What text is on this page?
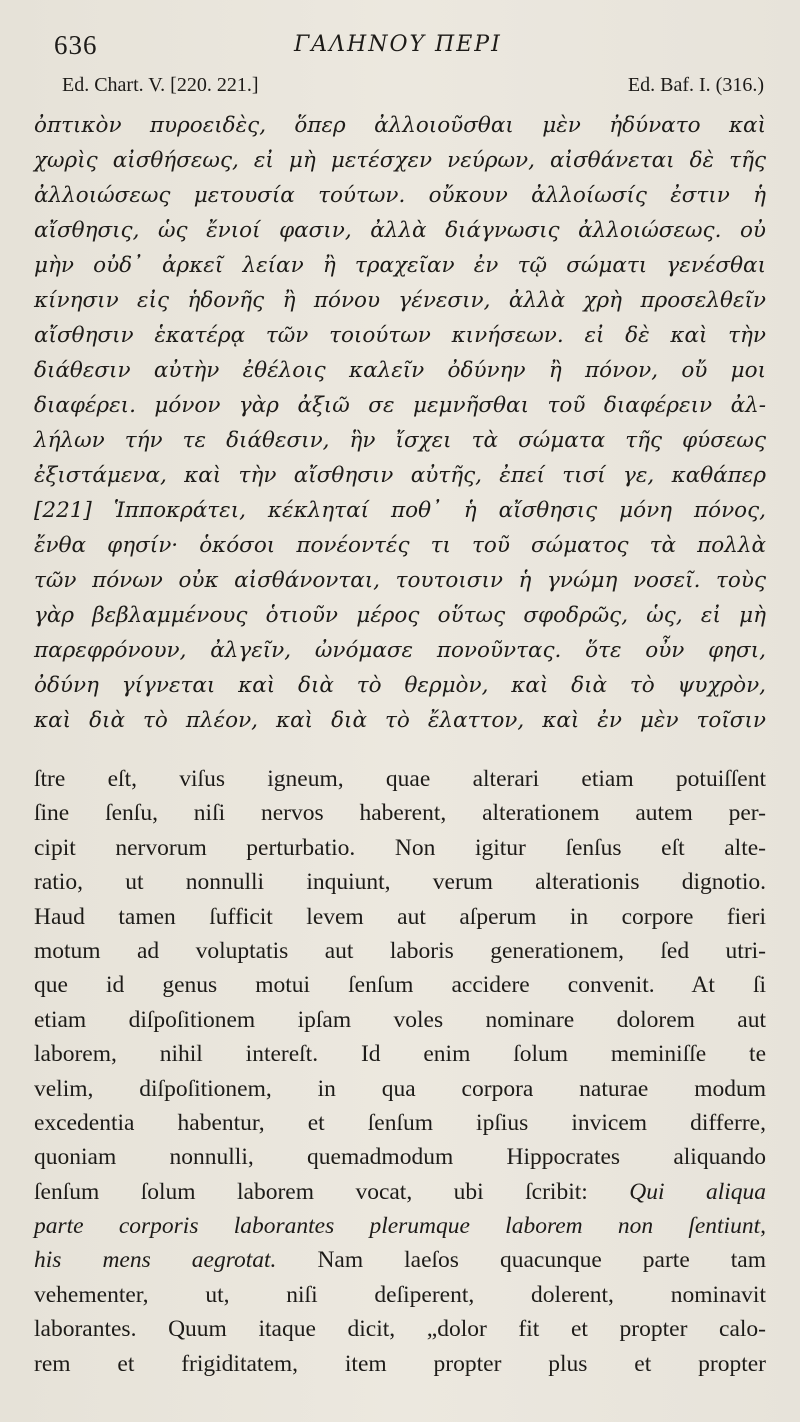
636	ΓΑΛΗΝΟΥ ΠΕΡΙ
Ed. Chart. V. [220. 221.]	Ed. Baf. I. (316.)
ὀπτικὸν πυροειδὲς, ὅπερ ἀλλοιοῦσθαι μὲν ἠδύνατο καὶ
χωρὶς αἰσθήσεως, εἰ μὴ μετέσχεν νεύρων, αἰσθάνεται δὲ τῆς
ἀλλοιώσεως μετουσία τούτων. οὔκουν ἀλλοίωσίς ἐστιν ἡ
αἴσθησις, ὡς ἔνιοί φασιν, ἀλλὰ διάγνωσις ἀλλοιώσεως. οὐ
μὴν οὐδ᾽ ἀρκεῖ λείαν ἢ τραχεῖαν ἐν τῷ σώματι γενέσθαι
κίνησιν εἰς ἡδονῆς ἢ πόνου γένεσιν, ἀλλὰ χρὴ προσελθεῖν
αἴσθησιν ἑκατέρᾳ τῶν τοιούτων κινήσεων. εἰ δὲ καὶ τὴν
διάθεσιν αὐτὴν ἐθέλοις καλεῖν ὀδύνην ἢ πόνον, οὔ μοι
διαφέρει. μόνον γὰρ ἀξιῶ σε μεμνῆσθαι τοῦ διαφέρειν ἀλ-
λήλων τήν τε διάθεσιν, ἣν ἴσχει τὰ σώματα τῆς φύσεως
ἐξιστάμενα, καὶ τὴν αἴσθησιν αὐτῆς, ἐπεί τισί γε, καθάπερ
[221] Ἱπποκράτει, κέκληταί ποθ᾽ ἡ αἴσθησις μόνη πόνος,
ἔνθα φησίν· ὁκόσοι πονέοντές τι τοῦ σώματος τὰ πολλὰ
τῶν πόνων οὐκ αἰσθάνονται, τουτοισιν ἡ γνώμη νοσεῖ. τοὺς
γὰρ βεβλαμμένους ὁτιοῦν μέρος οὕτως σφοδρῶς, ὡς, εἰ μὴ
παρεφρόνουν, ἀλγεῖν, ὠνόμασε πονοῦντας. ὅτε οὖν φησι,
ὀδύνη γίγνεται καὶ διὰ τὸ θερμὸν, καὶ διὰ τὸ ψυχρὸν,
καὶ διὰ τὸ πλέον, καὶ διὰ τὸ ἔλαττον, καὶ ἐν μὲν τοῖσιν
ſtre eſt, viſus igneum, quae alterari etiam potuiſſent
ſine ſenſu, niſi nervos haberent, alterationem autem per-
cipit nervorum perturbatio. Non igitur ſenſus eſt alte-
ratio, ut nonnulli inquiunt, verum alterationis dignotio.
Haud tamen ſufficit levem aut aſperum in corpore fieri
motum ad voluptatis aut laboris generationem, ſed utri-
que id genus motui ſenſum accidere convenit. At ſi
etiam diſpoſitionem ipſam voles nominare dolorem aut
laborem, nihil intereſt. Id enim ſolum meminiſſe te
velim, diſpoſitionem, in qua corpora naturae modum
excedentia habentur, et ſenſum ipſius invicem differre,
quoniam nonnulli, quemadmodum Hippocrates aliquando
ſenſum ſolum laborem vocat, ubi ſcribit: Qui aliqua
parte corporis laborantes plerumque laborem non ſentiunt,
his mens aegrotat. Nam laeſos quacunque parte tam
vehementer, ut, niſi deſiperent, dolerent, nominavit
laborantes. Quum itaque dicit, „dolor fit et propter calo-
rem et frigiditatem, item propter plus et propter
